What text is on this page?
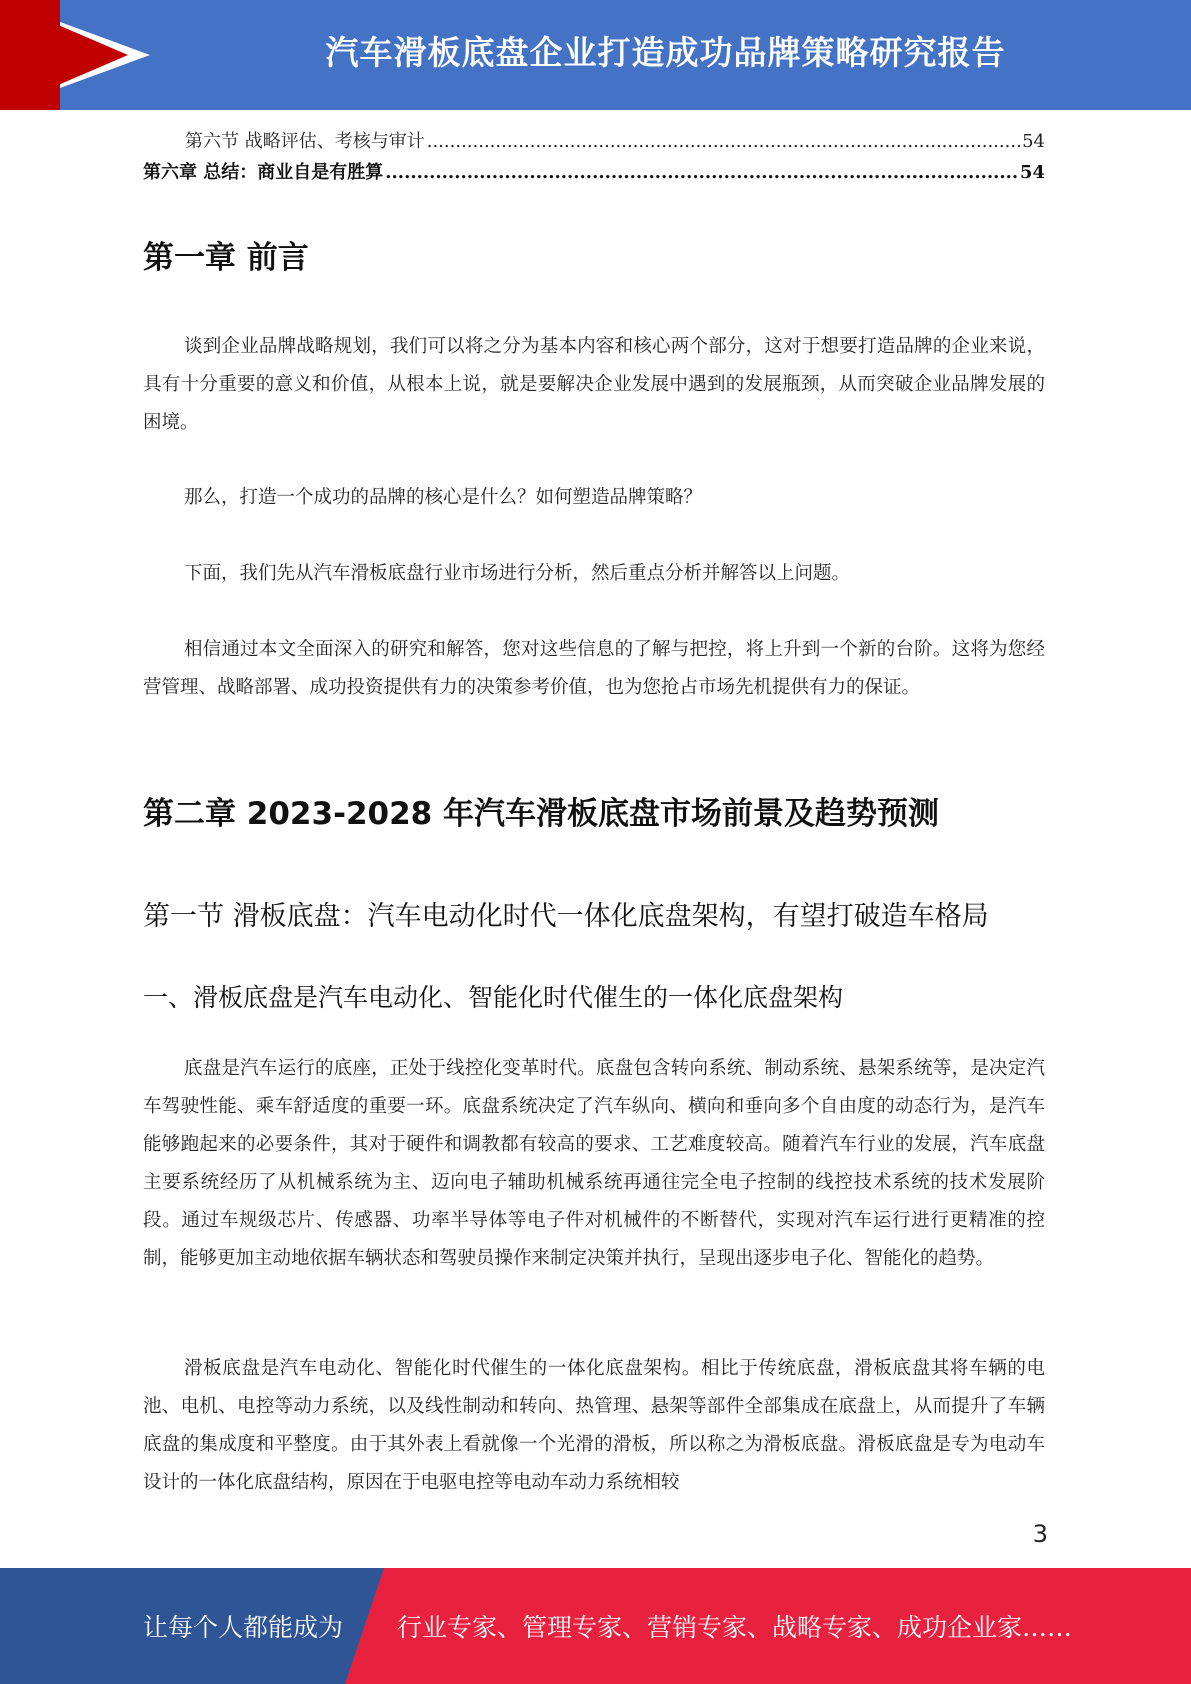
汽车滑板底盘企业打造成功品牌策略研究报告
第六节 战略评估、考核与审计 .....	54
第六章 总结：商业自是有胜算 .....	54
第一章 前言

谈到企业品牌战略规划，我们可以将之分为基本内容和核心两个部分，这对于想要打造品牌的企业来说，具有十分重要的意义和价值，从根本上说，就是要解决企业发展中遇到的发展瓶颈，从而突破企业品牌发展的困境。

那么，打造一个成功的品牌的核心是什么？如何塑造品牌策略？

下面，我们先从汽车滑板底盘行业市场进行分析，然后重点分析并解答以上问题。

相信通过本文全面深入的研究和解答，您对这些信息的了解与把控，将上升到一个新的台阶。这将为您经营管理、战略部署、成功投资提供有力的决策参考价值，也为您抢占市场先机提供有力的保证。

第二章 2023-2028 年汽车滑板底盘市场前景及趋势预测
第一节 滑板底盘：汽车电动化时代一体化底盘架构，有望打破造车格局
一、滑板底盘是汽车电动化、智能化时代催生的一体化底盘架构

底盘是汽车运行的底座，正处于线控化变革时代。底盘包含转向系统、制动系统、悬架系统等，是决定汽车驾驶性能、乘车舒适度的重要一环。底盘系统决定了汽车纵向、横向和垂向多个自由度的动态行为，是汽车能够跑起来的必要条件，其对于硬件和调教都有较高的要求、工艺难度较高。随着汽车行业的发展，汽车底盘主要系统经历了从机械系统为主、迈向电子辅助机械系统再通往完全电子控制的线控技术系统的技术发展阶段。通过车规级芯片、传感器、功率半导体等电子件对机械件的不断替代，实现对汽车运行进行更精准的控制，能够更加主动地依据车辆状态和驾驶员操作来制定决策并执行，呈现出逐步电子化、智能化的趋势。

滑板底盘是汽车电动化、智能化时代催生的一体化底盘架构。相比于传统底盘，滑板底盘其将车辆的电池、电机、电控等动力系统，以及线性制动和转向、热管理、悬架等部件全部集成在底盘上，从而提升了车辆底盘的集成度和平整度。由于其外表上看就像一个光滑的滑板，所以称之为滑板底盘。滑板底盘是专为电动车设计的一体化底盘结构，原因在于电驱电控等电动车动力系统相较

3
让每个人都能成为 行业专家、管理专家、营销专家、战略专家、成功企业家……
